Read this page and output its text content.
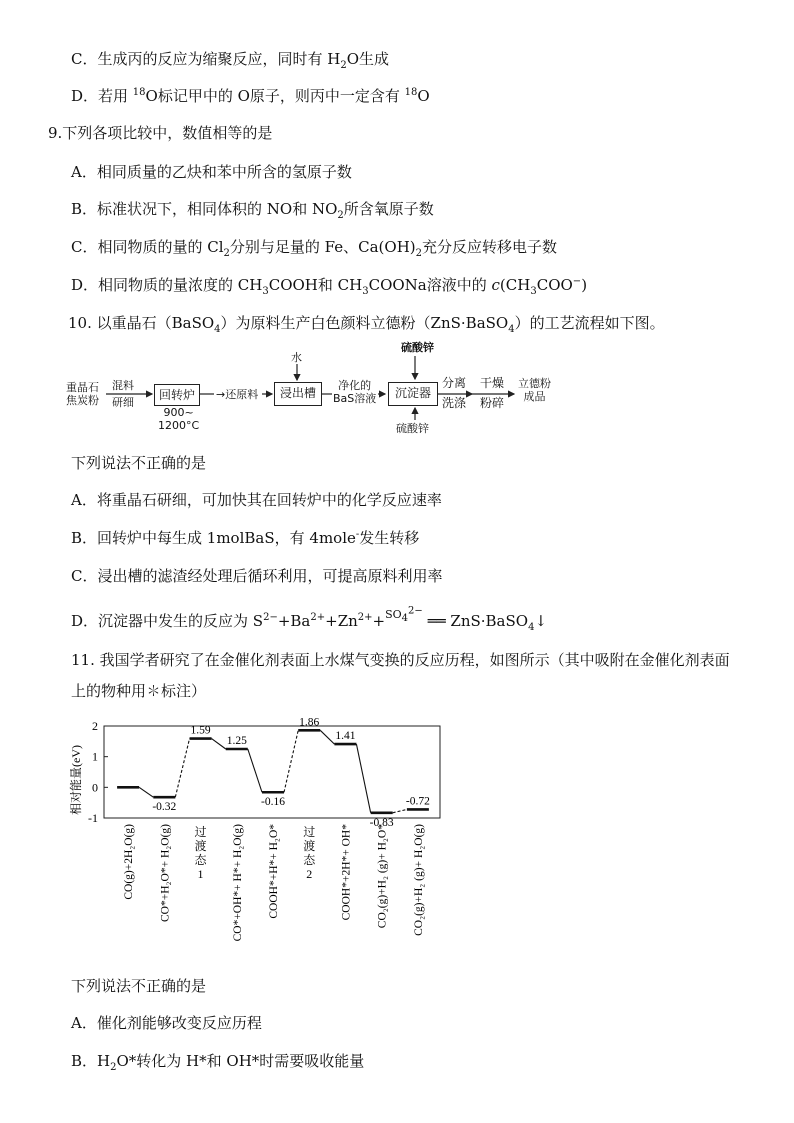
C．生成丙的反应为缩聚反应，同时有 $H_2O$生成
D．若用 $^{18}$O标记甲中的 O原子，则丙中一定含有 $^{18}$O
9.下列各项比较中，数值相等的是
A．相同质量的乙炔和苯中所含的氢原子数
B．标准状况下，相同体积的 NO和 $NO_2$所含氧原子数
C．相同物质的量的 $Cl_2$分别与足量的 Fe、$Ca(OH)_2$充分反应转移电子数
D．相同物质的量浓度的 $CH_3COOH$和 $CH_3COONa$溶液中的 $c(CH_3COO^-)$
10. 以重晶石（BaSO$_4$）为原料生产白色颜料立德粉（ZnS·BaSO$_4$）的工艺流程如下图。
重晶石
焦炭粉
混料
研细
回转炉
900~
1200°C
→还原料
水
浸出槽
净化的
BaS溶液	沉淀器
硫酸锌
硫酸锌
分离
洗涤
干燥
粉碎
立德粉
成品
下列说法不正确的是
A．将重晶石研细，可加快其在回转炉中的化学反应速率
B．回转炉中每生成 1molBaS，有 4mole-发生转移
C．浸出槽的滤渣经处理后循环利用，可提高原料利用率
D．沉淀器中发生的反应为 $S^{2-}+Ba^{2+}+Zn^{2+}+SO_4^{2-}$ ══ ZnS·BaSO$_4$↓
11. 我国学者研究了在金催化剂表面上水煤气变换的反应历程，如图所示（其中吸附在金催化剂表面
上的物种用✽标注）
相对能量(eV)
2
1
0
-1
-0.32
1.59
1.25
-0.16
1.86
1.41
-0.83
-0.72
CO(g)+2H₂O(g) CO*+H₂O*+ H₂O(g) 过
渡
态
1 CO*+OH*+ H*+ H₂O(g) COOH*+H*+ H₂O* 过
渡
态
2 COOH*+2H*+ OH* CO₂(g)+H₂ (g)+ H₂O* CO₂(g)+H₂ (g)+ H₂O(g)
下列说法不正确的是
A．催化剂能够改变反应历程
B．$H_2O*$转化为 H*和 OH*时需要吸收能量
